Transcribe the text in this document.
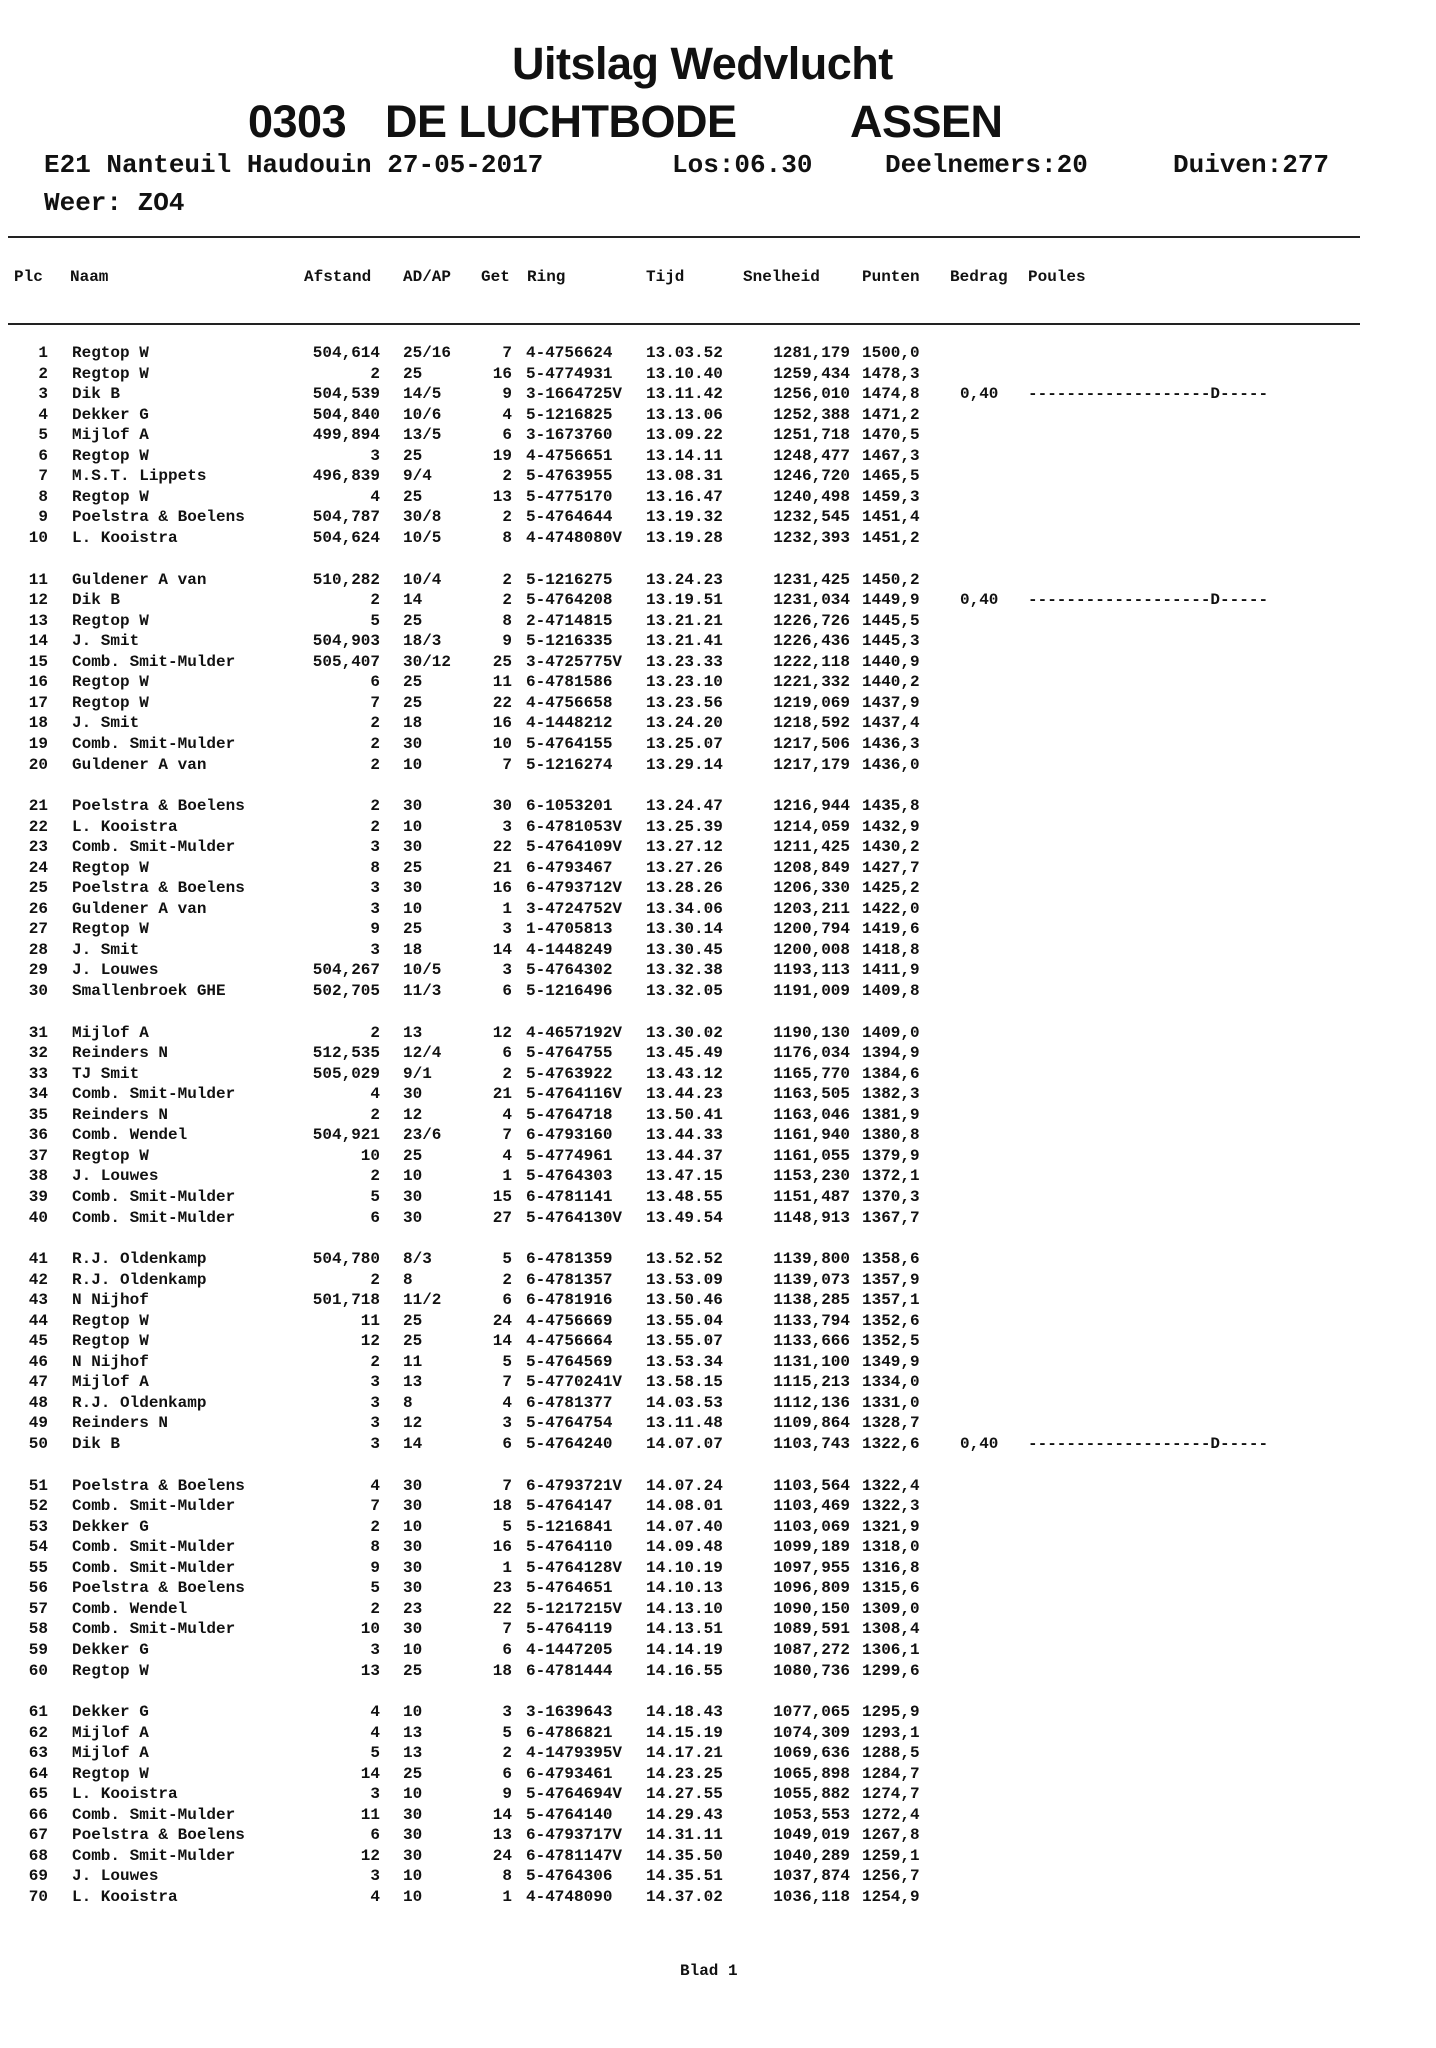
Uitslag Wedvlucht
0303 DE LUCHTBODE	ASSEN
E21 Nanteuil Haudouin 27-05-2017	Los:06.30	Deelnemers:20	Duiven:277
Weer: ZO4
Plc Naam	Afstand AD/AP Get Ring	Tijd	Snelheid	Punten Bedrag Poules
1 Regtop W	504,614 25/16	7 4-4756624	13.03.52	1281,179 1500,0
2 Regtop W	2 25	16 5-4774931	13.10.40	1259,434 1478,3
3 Dik B	504,539 14/5	9 3-1664725V	13.11.42	1256,010 1474,8	0,40	-------------------D-----
4 Dekker G	504,840 10/6	4 5-1216825	13.13.06	1252,388 1471,2
5 Mijlof A	499,894 13/5	6 3-1673760	13.09.22	1251,718 1470,5
6 Regtop W	3 25	19 4-4756651	13.14.11	1248,477 1467,3
7 M.S.T. Lippets	496,839 9/4	2 5-4763955	13.08.31	1246,720 1465,5
8 Regtop W	4 25	13 5-4775170	13.16.47	1240,498 1459,3
9 Poelstra & Boelens	504,787 30/8	2 5-4764644	13.19.32	1232,545 1451,4
10 L. Kooistra	504,624 10/5	8 4-4748080V	13.19.28	1232,393 1451,2
11 Guldener A van	510,282 10/4	2 5-1216275	13.24.23	1231,425 1450,2
12 Dik B	2 14	2 5-4764208	13.19.51	1231,034 1449,9	0,40	-------------------D-----
13 Regtop W	5 25	8 2-4714815	13.21.21	1226,726 1445,5
14 J. Smit	504,903 18/3	9 5-1216335	13.21.41	1226,436 1445,3
15 Comb. Smit-Mulder	505,407 30/12	25 3-4725775V	13.23.33	1222,118 1440,9
16 Regtop W	6 25	11 6-4781586	13.23.10	1221,332 1440,2
17 Regtop W	7 25	22 4-4756658	13.23.56	1219,069 1437,9
18 J. Smit	2 18	16 4-1448212	13.24.20	1218,592 1437,4
19 Comb. Smit-Mulder	2 30	10 5-4764155	13.25.07	1217,506 1436,3
20 Guldener A van	2 10	7 5-1216274	13.29.14	1217,179 1436,0
21 Poelstra & Boelens	2 30	30 6-1053201	13.24.47	1216,944 1435,8
22 L. Kooistra	2 10	3 6-4781053V	13.25.39	1214,059 1432,9
23 Comb. Smit-Mulder	3 30	22 5-4764109V	13.27.12	1211,425 1430,2
24 Regtop W	8 25	21 6-4793467	13.27.26	1208,849 1427,7
25 Poelstra & Boelens	3 30	16 6-4793712V	13.28.26	1206,330 1425,2
26 Guldener A van	3 10	1 3-4724752V	13.34.06	1203,211 1422,0
27 Regtop W	9 25	3 1-4705813	13.30.14	1200,794 1419,6
28 J. Smit	3 18	14 4-1448249	13.30.45	1200,008 1418,8
29 J. Louwes	504,267 10/5	3 5-4764302	13.32.38	1193,113 1411,9
30 Smallenbroek GHE	502,705 11/3	6 5-1216496	13.32.05	1191,009 1409,8
31 Mijlof A	2 13	12 4-4657192V	13.30.02	1190,130 1409,0
32 Reinders N	512,535 12/4	6 5-4764755	13.45.49	1176,034 1394,9
33 TJ Smit	505,029 9/1	2 5-4763922	13.43.12	1165,770 1384,6
34 Comb. Smit-Mulder	4 30	21 5-4764116V	13.44.23	1163,505 1382,3
35 Reinders N	2 12	4 5-4764718	13.50.41	1163,046 1381,9
36 Comb. Wendel	504,921 23/6	7 6-4793160	13.44.33	1161,940 1380,8
37 Regtop W	10 25	4 5-4774961	13.44.37	1161,055 1379,9
38 J. Louwes	2 10	1 5-4764303	13.47.15	1153,230 1372,1
39 Comb. Smit-Mulder	5 30	15 6-4781141	13.48.55	1151,487 1370,3
40 Comb. Smit-Mulder	6 30	27 5-4764130V	13.49.54	1148,913 1367,7
41 R.J. Oldenkamp	504,780 8/3	5 6-4781359	13.52.52	1139,800 1358,6
42 R.J. Oldenkamp	2 8	2 6-4781357	13.53.09	1139,073 1357,9
43 N Nijhof	501,718 11/2	6 6-4781916	13.50.46	1138,285 1357,1
44 Regtop W	11 25	24 4-4756669	13.55.04	1133,794 1352,6
45 Regtop W	12 25	14 4-4756664	13.55.07	1133,666 1352,5
46 N Nijhof	2 11	5 5-4764569	13.53.34	1131,100 1349,9
47 Mijlof A	3 13	7 5-4770241V	13.58.15	1115,213 1334,0
48 R.J. Oldenkamp	3 8	4 6-4781377	14.03.53	1112,136 1331,0
49 Reinders N	3 12	3 5-4764754	13.11.48	1109,864 1328,7
50 Dik B	3 14	6 5-4764240	14.07.07	1103,743 1322,6	0,40	-------------------D-----
51 Poelstra & Boelens	4 30	7 6-4793721V	14.07.24	1103,564 1322,4
52 Comb. Smit-Mulder	7 30	18 5-4764147	14.08.01	1103,469 1322,3
53 Dekker G	2 10	5 5-1216841	14.07.40	1103,069 1321,9
54 Comb. Smit-Mulder	8 30	16 5-4764110	14.09.48	1099,189 1318,0
55 Comb. Smit-Mulder	9 30	1 5-4764128V	14.10.19	1097,955 1316,8
56 Poelstra & Boelens	5 30	23 5-4764651	14.10.13	1096,809 1315,6
57 Comb. Wendel	2 23	22 5-1217215V	14.13.10	1090,150 1309,0
58 Comb. Smit-Mulder	10 30	7 5-4764119	14.13.51	1089,591 1308,4
59 Dekker G	3 10	6 4-1447205	14.14.19	1087,272 1306,1
60 Regtop W	13 25	18 6-4781444	14.16.55	1080,736 1299,6
61 Dekker G	4 10	3 3-1639643	14.18.43	1077,065 1295,9
62 Mijlof A	4 13	5 6-4786821	14.15.19	1074,309 1293,1
63 Mijlof A	5 13	2 4-1479395V	14.17.21	1069,636 1288,5
64 Regtop W	14 25	6 6-4793461	14.23.25	1065,898 1284,7
65 L. Kooistra	3 10	9 5-4764694V	14.27.55	1055,882 1274,7
66 Comb. Smit-Mulder	11 30	14 5-4764140	14.29.43	1053,553 1272,4
67 Poelstra & Boelens	6 30	13 6-4793717V	14.31.11	1049,019 1267,8
68 Comb. Smit-Mulder	12 30	24 6-4781147V	14.35.50	1040,289 1259,1
69 J. Louwes	3 10	8 5-4764306	14.35.51	1037,874 1256,7
70 L. Kooistra	4 10	1 4-4748090	14.37.02	1036,118 1254,9
Blad 1
